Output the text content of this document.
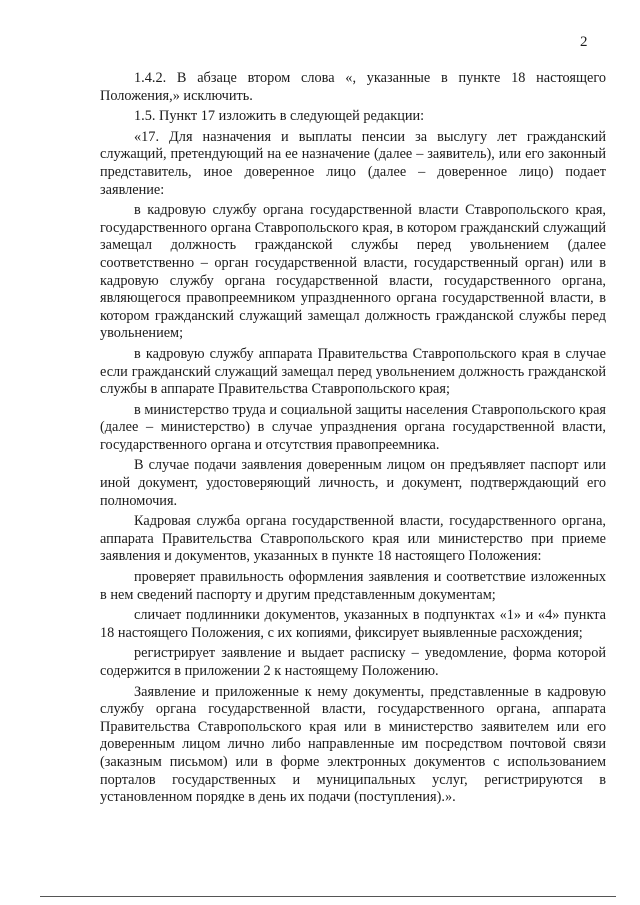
2

1.4.2. В абзаце втором слова «, указанные в пункте 18 настоящего Положения,» исключить.

1.5. Пункт 17 изложить в следующей редакции:

«17. Для назначения и выплаты пенсии за выслугу лет гражданский служащий, претендующий на ее назначение (далее – заявитель), или его законный представитель, иное доверенное лицо (далее – доверенное лицо) подает заявление:

в кадровую службу органа государственной власти Ставропольского края, государственного органа Ставропольского края, в котором гражданский служащий замещал должность гражданской службы перед увольнением (далее соответственно – орган государственной власти, государственный орган) или в кадровую службу органа государственной власти, государственного органа, являющегося правопреемником упраздненного органа государственной власти, в котором гражданский служащий замещал должность гражданской службы перед увольнением;

в кадровую службу аппарата Правительства Ставропольского края в случае если гражданский служащий замещал перед увольнением должность гражданской службы в аппарате Правительства Ставропольского края;

в министерство труда и социальной защиты населения Ставропольского края (далее – министерство) в случае упразднения органа государственной власти, государственного органа и отсутствия правопреемника.

В случае подачи заявления доверенным лицом он предъявляет паспорт или иной документ, удостоверяющий личность, и документ, подтверждающий его полномочия.

Кадровая служба органа государственной власти, государственного органа, аппарата Правительства Ставропольского края или министерство при приеме заявления и документов, указанных в пункте 18 настоящего Положения:

проверяет правильность оформления заявления и соответствие изложенных в нем сведений паспорту и другим представленным документам;

сличает подлинники документов, указанных в подпунктах «1» и «4» пункта 18 настоящего Положения, с их копиями, фиксирует выявленные расхождения;

регистрирует заявление и выдает расписку – уведомление, форма которой содержится в приложении 2 к настоящему Положению.

Заявление и приложенные к нему документы, представленные в кадровую службу органа государственной власти, государственного органа, аппарата Правительства Ставропольского края или в министерство заявителем или его доверенным лицом лично либо направленные им посредством почтовой связи (заказным письмом) или в форме электронных документов с использованием порталов государственных и муниципальных услуг, регистрируются в установленном порядке в день их подачи (поступления).».
